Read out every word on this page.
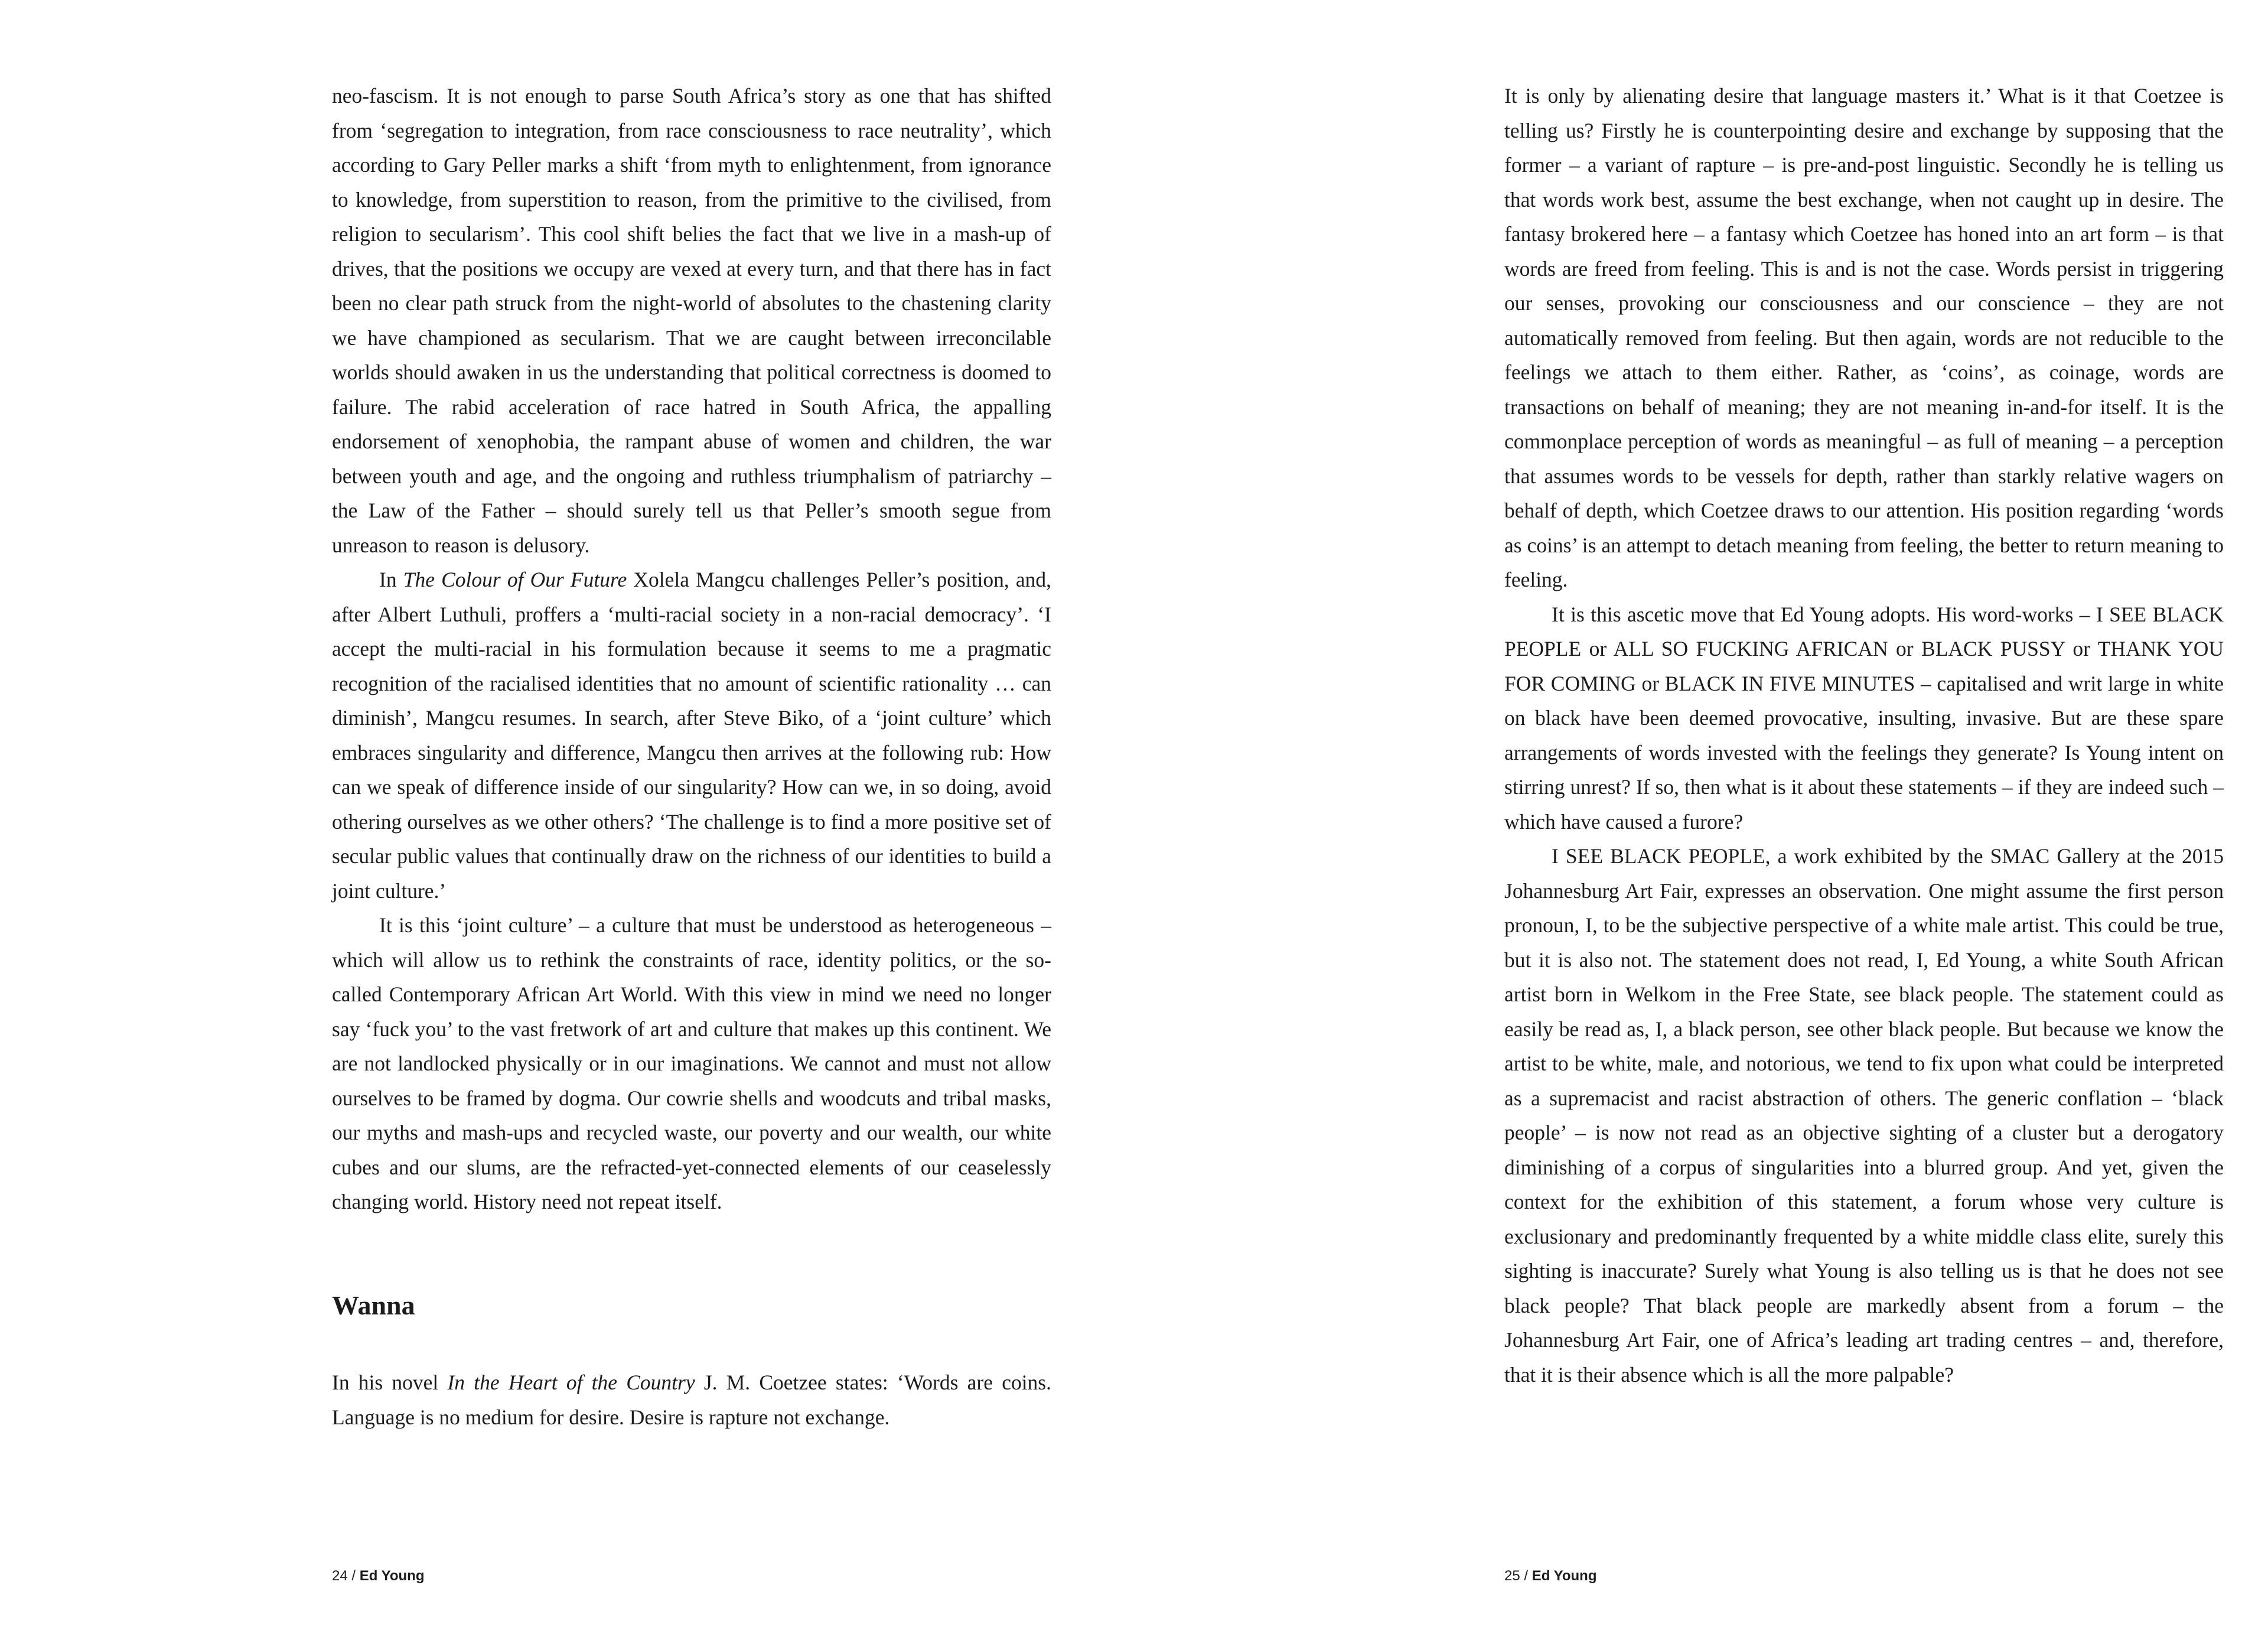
neo-fascism. It is not enough to parse South Africa’s story as one that has shifted from ‘segregation to integration, from race consciousness to race neutrality’, which according to Gary Peller marks a shift ‘from myth to enlightenment, from ignorance to knowledge, from superstition to reason, from the primitive to the civilised, from religion to secularism’. This cool shift belies the fact that we live in a mash-up of drives, that the positions we occupy are vexed at every turn, and that there has in fact been no clear path struck from the night-world of absolutes to the chastening clarity we have championed as secularism. That we are caught between irreconcilable worlds should awaken in us the understanding that political correctness is doomed to failure. The rabid acceleration of race hatred in South Africa, the appalling endorsement of xenophobia, the rampant abuse of women and children, the war between youth and age, and the ongoing and ruthless triumphalism of patriarchy – the Law of the Father – should surely tell us that Peller’s smooth segue from unreason to reason is delusory.

In The Colour of Our Future Xolela Mangcu challenges Peller’s position, and, after Albert Luthuli, proffers a ‘multi-racial society in a non-racial democracy’. ‘I accept the multi-racial in his formulation because it seems to me a pragmatic recognition of the racialised identities that no amount of scientific rationality … can diminish’, Mangcu resumes. In search, after Steve Biko, of a ‘joint culture’ which embraces singularity and difference, Mangcu then arrives at the following rub: How can we speak of difference inside of our singularity? How can we, in so doing, avoid othering ourselves as we other others? ‘The challenge is to find a more positive set of secular public values that continually draw on the richness of our identities to build a joint culture.’

It is this ‘joint culture’ – a culture that must be understood as heterogeneous – which will allow us to rethink the constraints of race, identity politics, or the so-called Contemporary African Art World. With this view in mind we need no longer say ‘fuck you’ to the vast fretwork of art and culture that makes up this continent. We are not landlocked physically or in our imaginations. We cannot and must not allow ourselves to be framed by dogma. Our cowrie shells and woodcuts and tribal masks, our myths and mash-ups and recycled waste, our poverty and our wealth, our white cubes and our slums, are the refracted-yet-connected elements of our ceaselessly changing world. History need not repeat itself.

Wanna

In his novel In the Heart of the Country J. M. Coetzee states: ‘Words are coins. Language is no medium for desire. Desire is rapture not exchange.

24 / Ed Young

It is only by alienating desire that language masters it.’ What is it that Coetzee is telling us? Firstly he is counterpointing desire and exchange by supposing that the former – a variant of rapture – is pre-and-post linguistic. Secondly he is telling us that words work best, assume the best exchange, when not caught up in desire. The fantasy brokered here – a fantasy which Coetzee has honed into an art form – is that words are freed from feeling. This is and is not the case. Words persist in triggering our senses, provoking our consciousness and our conscience – they are not automatically removed from feeling. But then again, words are not reducible to the feelings we attach to them either. Rather, as ‘coins’, as coinage, words are transactions on behalf of meaning; they are not meaning in-and-for itself. It is the commonplace perception of words as meaningful – as full of meaning – a perception that assumes words to be vessels for depth, rather than starkly relative wagers on behalf of depth, which Coetzee draws to our attention. His position regarding ‘words as coins’ is an attempt to detach meaning from feeling, the better to return meaning to feeling.

It is this ascetic move that Ed Young adopts. His word-works – I SEE BLACK PEOPLE or ALL SO FUCKING AFRICAN or BLACK PUSSY or THANK YOU FOR COMING or BLACK IN FIVE MINUTES – capitalised and writ large in white on black have been deemed provocative, insulting, invasive. But are these spare arrangements of words invested with the feelings they generate? Is Young intent on stirring unrest? If so, then what is it about these statements – if they are indeed such – which have caused a furore?

I SEE BLACK PEOPLE, a work exhibited by the SMAC Gallery at the 2015 Johannesburg Art Fair, expresses an observation. One might assume the first person pronoun, I, to be the subjective perspective of a white male artist. This could be true, but it is also not. The statement does not read, I, Ed Young, a white South African artist born in Welkom in the Free State, see black people. The statement could as easily be read as, I, a black person, see other black people. But because we know the artist to be white, male, and notorious, we tend to fix upon what could be interpreted as a supremacist and racist abstraction of others. The generic conflation – ‘black people’ – is now not read as an objective sighting of a cluster but a derogatory diminishing of a corpus of singularities into a blurred group. And yet, given the context for the exhibition of this statement, a forum whose very culture is exclusionary and predominantly frequented by a white middle class elite, surely this sighting is inaccurate? Surely what Young is also telling us is that he does not see black people? That black people are markedly absent from a forum – the Johannesburg Art Fair, one of Africa’s leading art trading centres – and, therefore, that it is their absence which is all the more palpable?

25 / Ed Young
